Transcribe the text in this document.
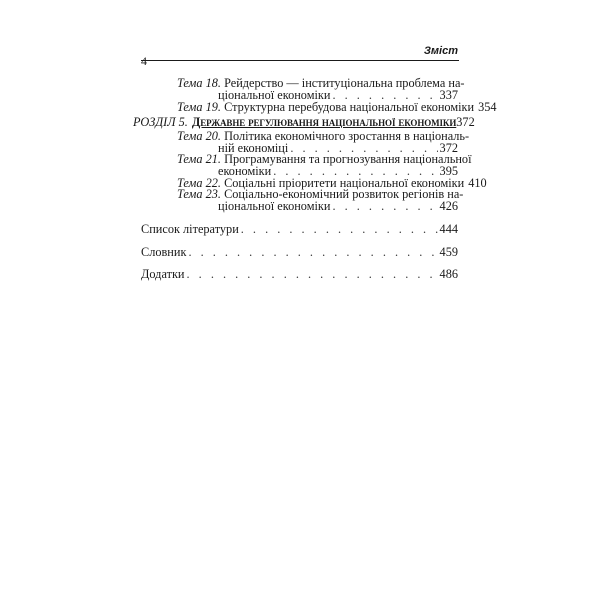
4
Зміст
Тема 18. Рейдерство — інституціональна проблема на-
ціональної економіки . . .	337
Тема 19. Структурна перебудова національної економіки 354
РОЗДІЛ 5. Державне регулювання національної економіки 372
Тема 20. Політика економічного зростання в національ-
ній економіці . . .	372
Тема 21. Програмування та прогнозування національної
економіки . . .	395
Тема 22. Соціальні пріоритети національної економіки 410
Тема 23. Соціально-економічний розвиток регіонів на-
ціональної економіки . . .	426
Список літератури . . .	444
Словник . . .	459
Додатки . . .	486
